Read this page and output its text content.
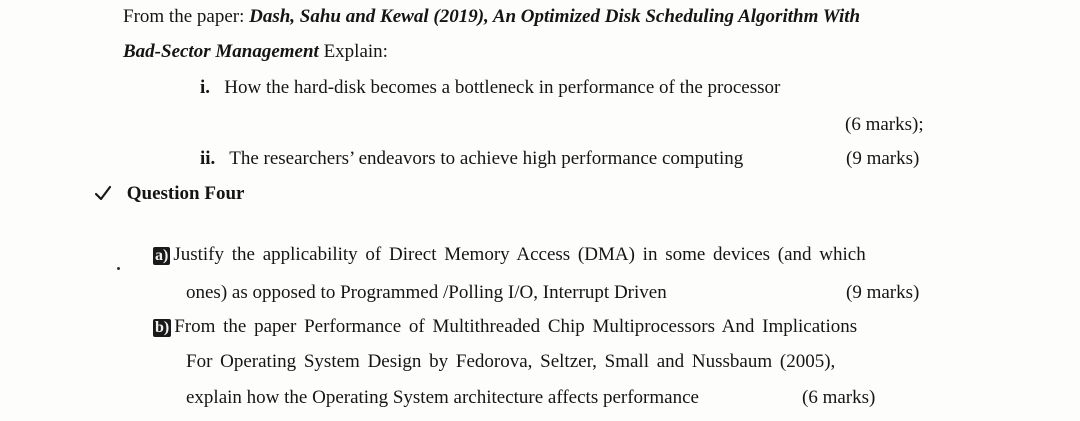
From the paper: Dash, Sahu and Kewal (2019), An Optimized Disk Scheduling Algorithm With
Bad-Sector Management Explain:
i. How the hard-disk becomes a bottleneck in performance of the processor
(6 marks);
ii. The researchers’ endeavors to achieve high performance computing	(9 marks)
Question Four
a) Justify the applicability of Direct Memory Access (DMA) in some devices (and which
ones) as opposed to Programmed /Polling I/O, Interrupt Driven	(9 marks)
b) From the paper Performance of Multithreaded Chip Multiprocessors And Implications
For Operating System Design by Fedorova, Seltzer, Small and Nussbaum (2005),
explain how the Operating System architecture affects performance	(6 marks)
